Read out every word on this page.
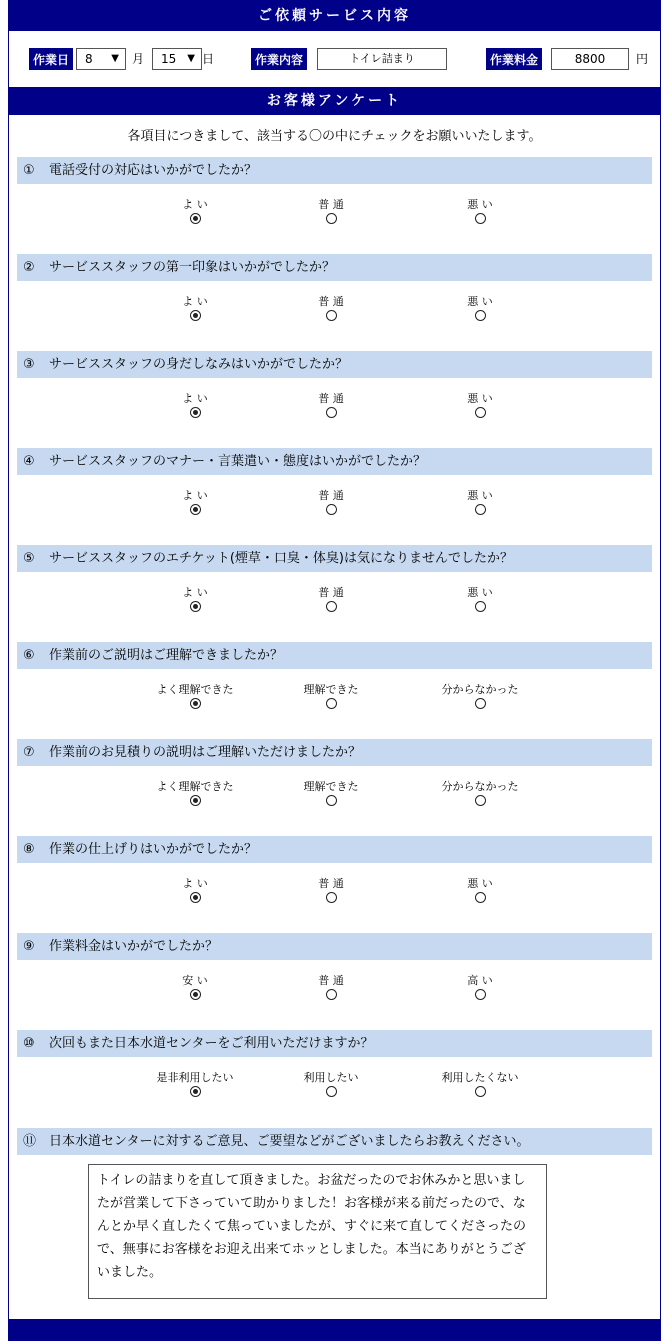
ご依頼サービス内容
作業日	8 ▼ 月	15 ▼ 日	作業内容	トイレ詰まり	作業料金	8800	円
お客様アンケート
各項目につきまして、該当する〇の中にチェックをお願いいたします。
① 電話受付の対応はいかがでしたか？
よ い	普 通	悪 い
② サービススタッフの第一印象はいかがでしたか？
よ い	普 通	悪 い
③ サービススタッフの身だしなみはいかがでしたか？
よ い	普 通	悪 い
④ サービススタッフのマナー・言葉遣い・態度はいかがでしたか？
よ い	普 通	悪 い
⑤ サービススタッフのエチケット(煙草・口臭・体臭)は気になりませんでしたか？
よ い	普 通	悪 い
⑥ 作業前のご説明はご理解できましたか？
よく理解できた	理解できた	分からなかった
⑦ 作業前のお見積りの説明はご理解いただけましたか？
よく理解できた	理解できた	分からなかった
⑧ 作業の仕上げりはいかがでしたか？
よ い	普 通	悪 い
⑨ 作業料金はいかがでしたか？
安 い	普 通	高 い
⑩ 次回もまた日本水道センターをご利用いただけますか？
是非利用したい	利用したい	利用したくない
⑪ 日本水道センターに対するご意見、ご要望などがございましたらお教えください。
トイレの詰まりを直して頂きました。お盆だったのでお休みかと思いましたが営業して下さっていて助かりました！お客様が来る前だったので、なんとか早く直したくて焦っていましたが、すぐに来て直してくださったので、無事にお客様をお迎え出来てホッとしました。本当にありがとうございました。
